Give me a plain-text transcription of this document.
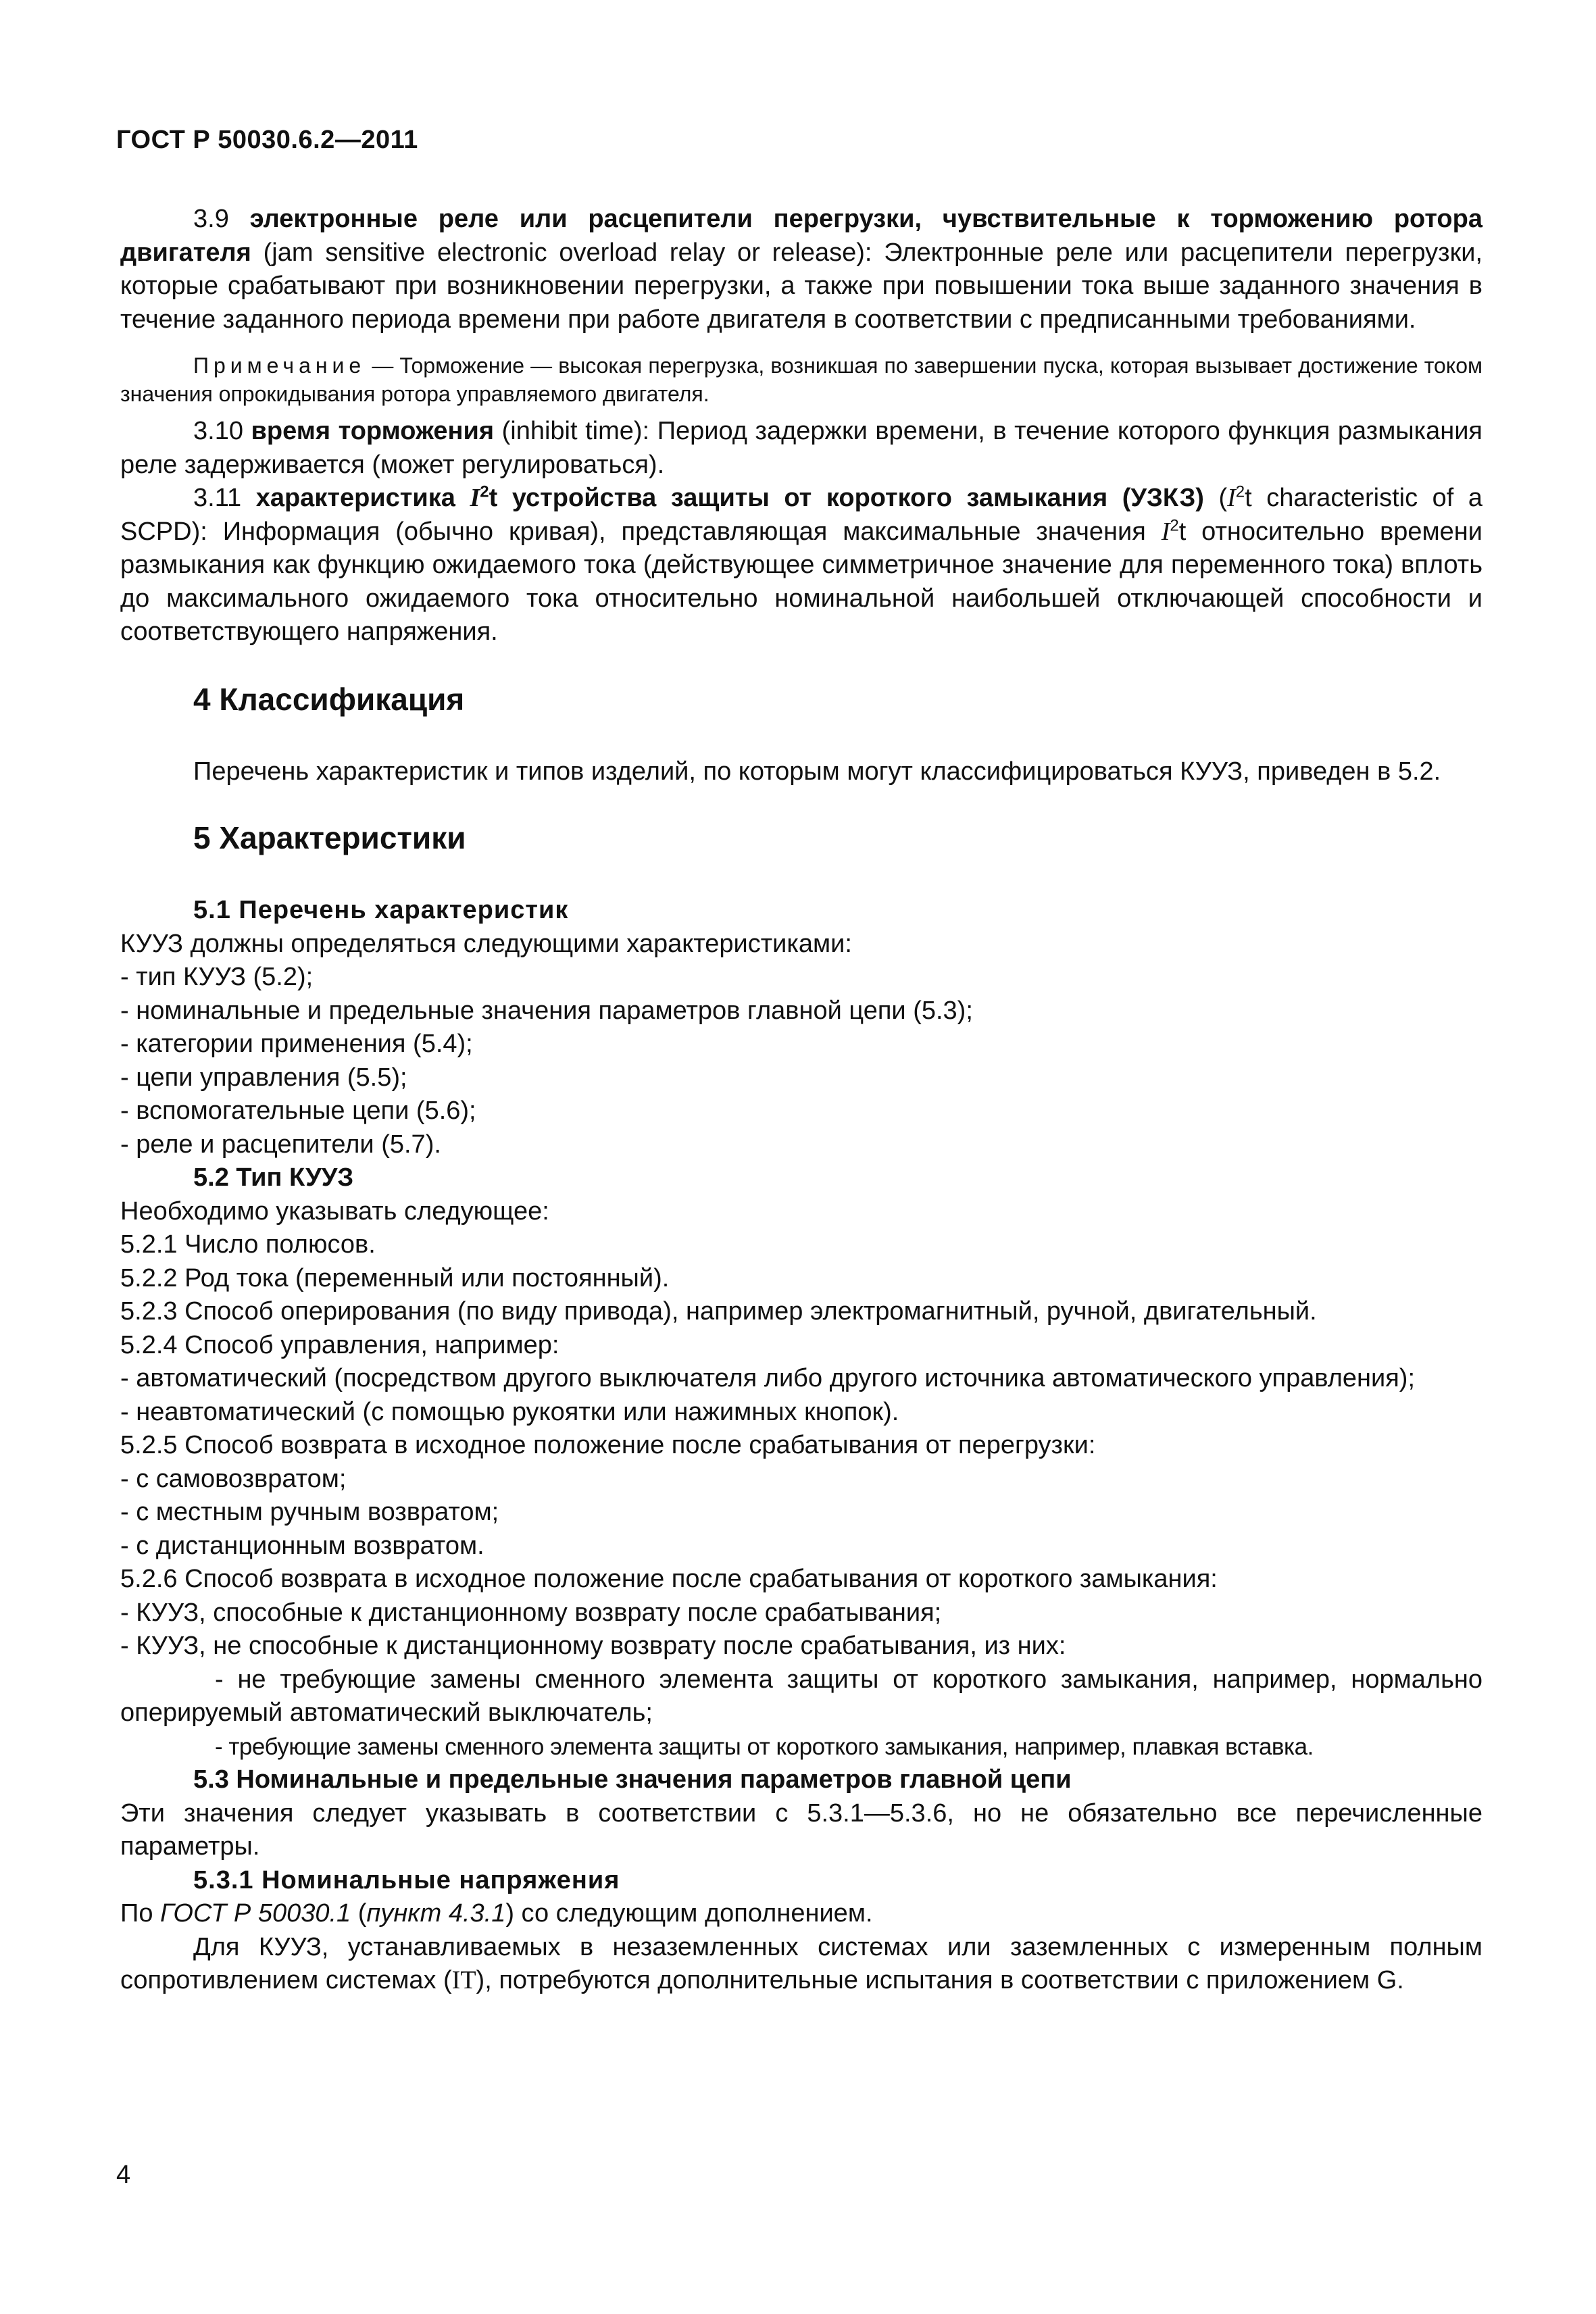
ГОСТ Р 50030.6.2—2011

3.9 электронные реле или расцепители перегрузки, чувствительные к торможению ротора двигателя (jam sensitive electronic overload relay or release): Электронные реле или расцепители перегрузки, которые срабатывают при возникновении перегрузки, а также при повышении тока выше заданного значения в течение заданного периода времени при работе двигателя в соответствии с предписанными требованиями.

Примечание — Торможение — высокая перегрузка, возникшая по завершении пуска, которая вызывает достижение током значения опрокидывания ротора управляемого двигателя.

3.10 время торможения (inhibit time): Период задержки времени, в течение которого функция размыкания реле задерживается (может регулироваться).

3.11 характеристика $I^2t$ устройства защиты от короткого замыкания (УЗКЗ) ($I^2t$ characteristic of a SCPD): Информация (обычно кривая), представляющая максимальные значения $I^2t$ относительно времени размыкания как функцию ожидаемого тока (действующее симметричное значение для переменного тока) вплоть до максимального ожидаемого тока относительно номинальной наибольшей отключающей способности и соответствующего напряжения.

4 Классификация

Перечень характеристик и типов изделий, по которым могут классифицироваться КУУЗ, приведен в 5.2.

5 Характеристики

5.1 Перечень характеристик

КУУЗ должны определяться следующими характеристиками:

- тип КУУЗ (5.2);

- номинальные и предельные значения параметров главной цепи (5.3);

- категории применения (5.4);

- цепи управления (5.5);

- вспомогательные цепи (5.6);

- реле и расцепители (5.7).

5.2 Тип КУУЗ

Необходимо указывать следующее:

5.2.1 Число полюсов.

5.2.2 Род тока (переменный или постоянный).

5.2.3 Способ оперирования (по виду привода), например электромагнитный, ручной, двигательный.

5.2.4 Способ управления, например:

- автоматический (посредством другого выключателя либо другого источника автоматического управления);

- неавтоматический (с помощью рукоятки или нажимных кнопок).

5.2.5 Способ возврата в исходное положение после срабатывания от перегрузки:

- с самовозвратом;

- с местным ручным возвратом;

- с дистанционным возвратом.

5.2.6 Способ возврата в исходное положение после срабатывания от короткого замыкания:

- КУУЗ, способные к дистанционному возврату после срабатывания;

- КУУЗ, не способные к дистанционному возврату после срабатывания, из них:

- не требующие замены сменного элемента защиты от короткого замыкания, например, нормально оперируемый автоматический выключатель;

- требующие замены сменного элемента защиты от короткого замыкания, например, плавкая вставка.

5.3 Номинальные и предельные значения параметров главной цепи

Эти значения следует указывать в соответствии с 5.3.1—5.3.6, но не обязательно все перечисленные параметры.

5.3.1 Номинальные напряжения

По ГОСТ Р 50030.1 (пункт 4.3.1) со следующим дополнением.

Для КУУЗ, устанавливаемых в незаземленных системах или заземленных с измеренным полным сопротивлением системах (IT), потребуются дополнительные испытания в соответствии с приложением G.

4
